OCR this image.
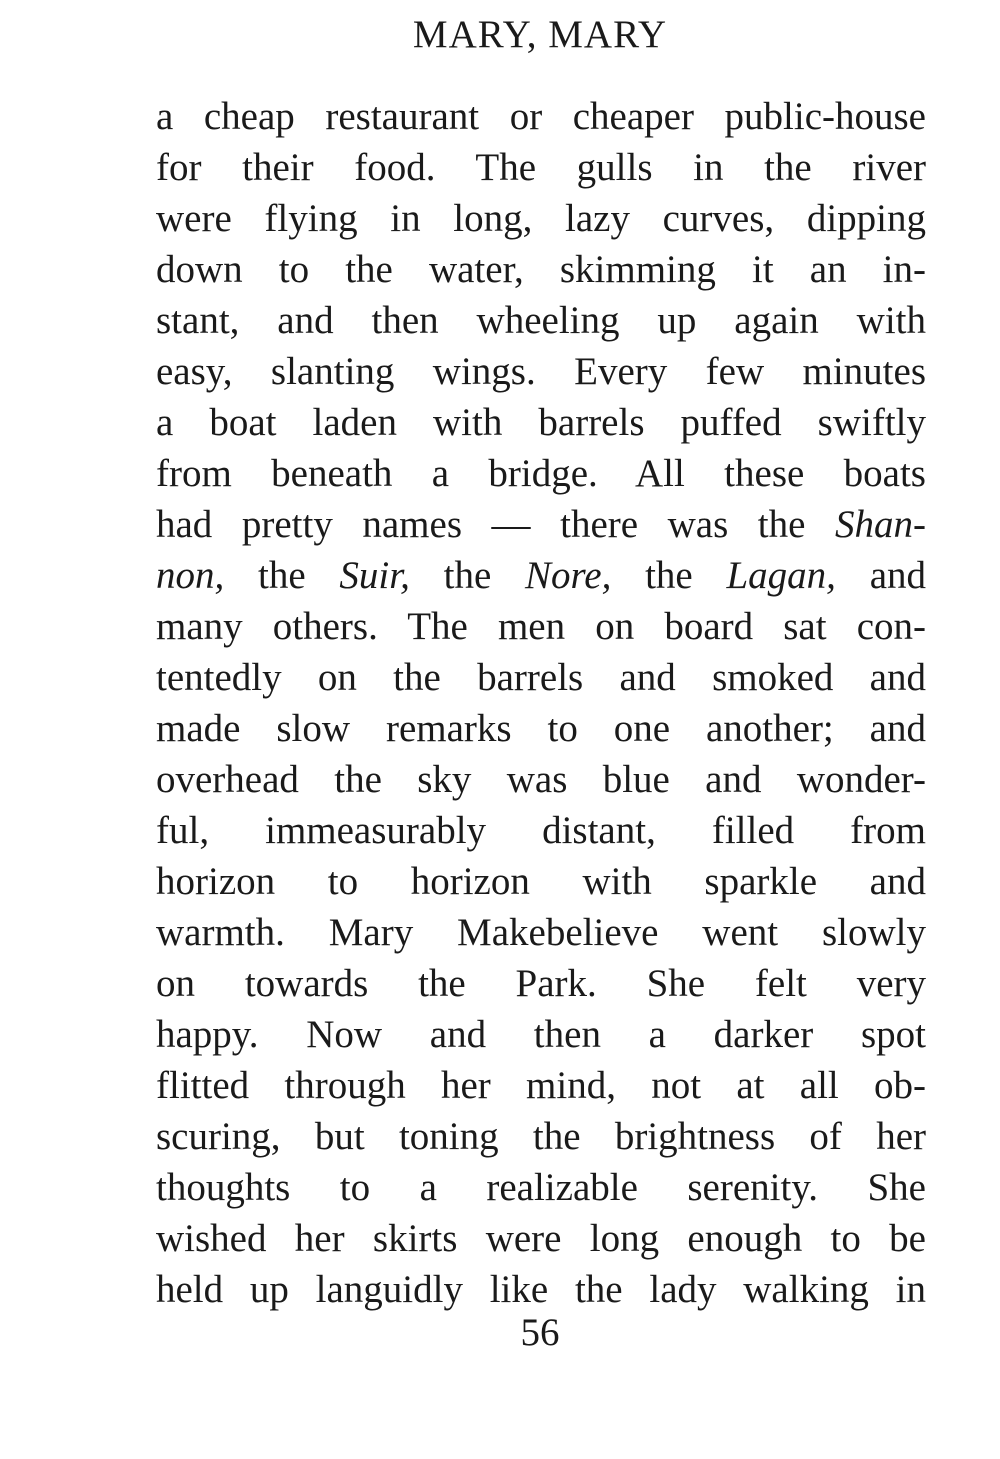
MARY, MARY
a cheap restaurant or cheaper public-house
for their food. The gulls in the river
were flying in long, lazy curves, dipping
down to the water, skimming it an in-
stant, and then wheeling up again with
easy, slanting wings. Every few minutes
a boat laden with barrels puffed swiftly
from beneath a bridge. All these boats
had pretty names — there was the Shan-
non, the Suir, the Nore, the Lagan, and
many others. The men on board sat con-
tentedly on the barrels and smoked and
made slow remarks to one another; and
overhead the sky was blue and wonder-
ful, immeasurably distant, filled from
horizon to horizon with sparkle and
warmth. Mary Makebelieve went slowly
on towards the Park. She felt very
happy. Now and then a darker spot
flitted through her mind, not at all ob-
scuring, but toning the brightness of her
thoughts to a realizable serenity. She
wished her skirts were long enough to be
held up languidly like the lady walking in
56
